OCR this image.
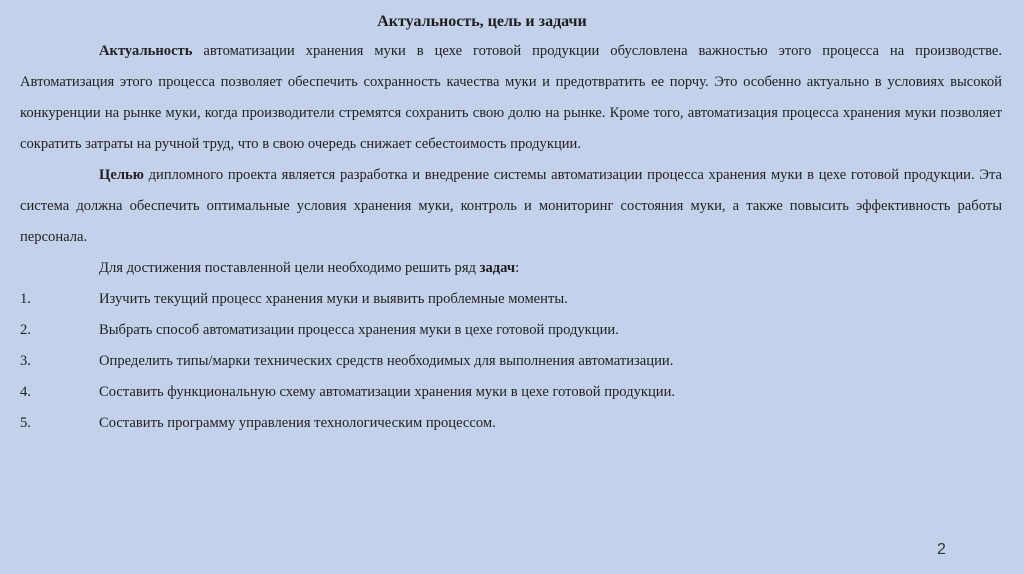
Актуальность, цель и задачи

Актуальность автоматизации хранения муки в цехе готовой продукции обусловлена важностью этого процесса на производстве. Автоматизация этого процесса позволяет обеспечить сохранность качества муки и предотвратить ее порчу. Это особенно актуально в условиях высокой конкуренции на рынке муки, когда производители стремятся сохранить свою долю на рынке. Кроме того, автоматизация процесса хранения муки позволяет сократить затраты на ручной труд, что в свою очередь снижает себестоимость продукции.

Целью дипломного проекта является разработка и внедрение системы автоматизации процесса хранения муки в цехе готовой продукции. Эта система должна обеспечить оптимальные условия хранения муки, контроль и мониторинг состояния муки, а также повысить эффективность работы персонала.

Для достижения поставленной цели необходимо решить ряд задач:

1.	Изучить текущий процесс хранения муки и выявить проблемные моменты.
2.	Выбрать способ автоматизации процесса хранения муки в цехе готовой продукции.
3.	Определить типы/марки технических средств необходимых для выполнения автоматизации.
4.	Составить функциональную схему автоматизации хранения муки в цехе готовой продукции.
5.	Составить программу управления технологическим процессом.
2
